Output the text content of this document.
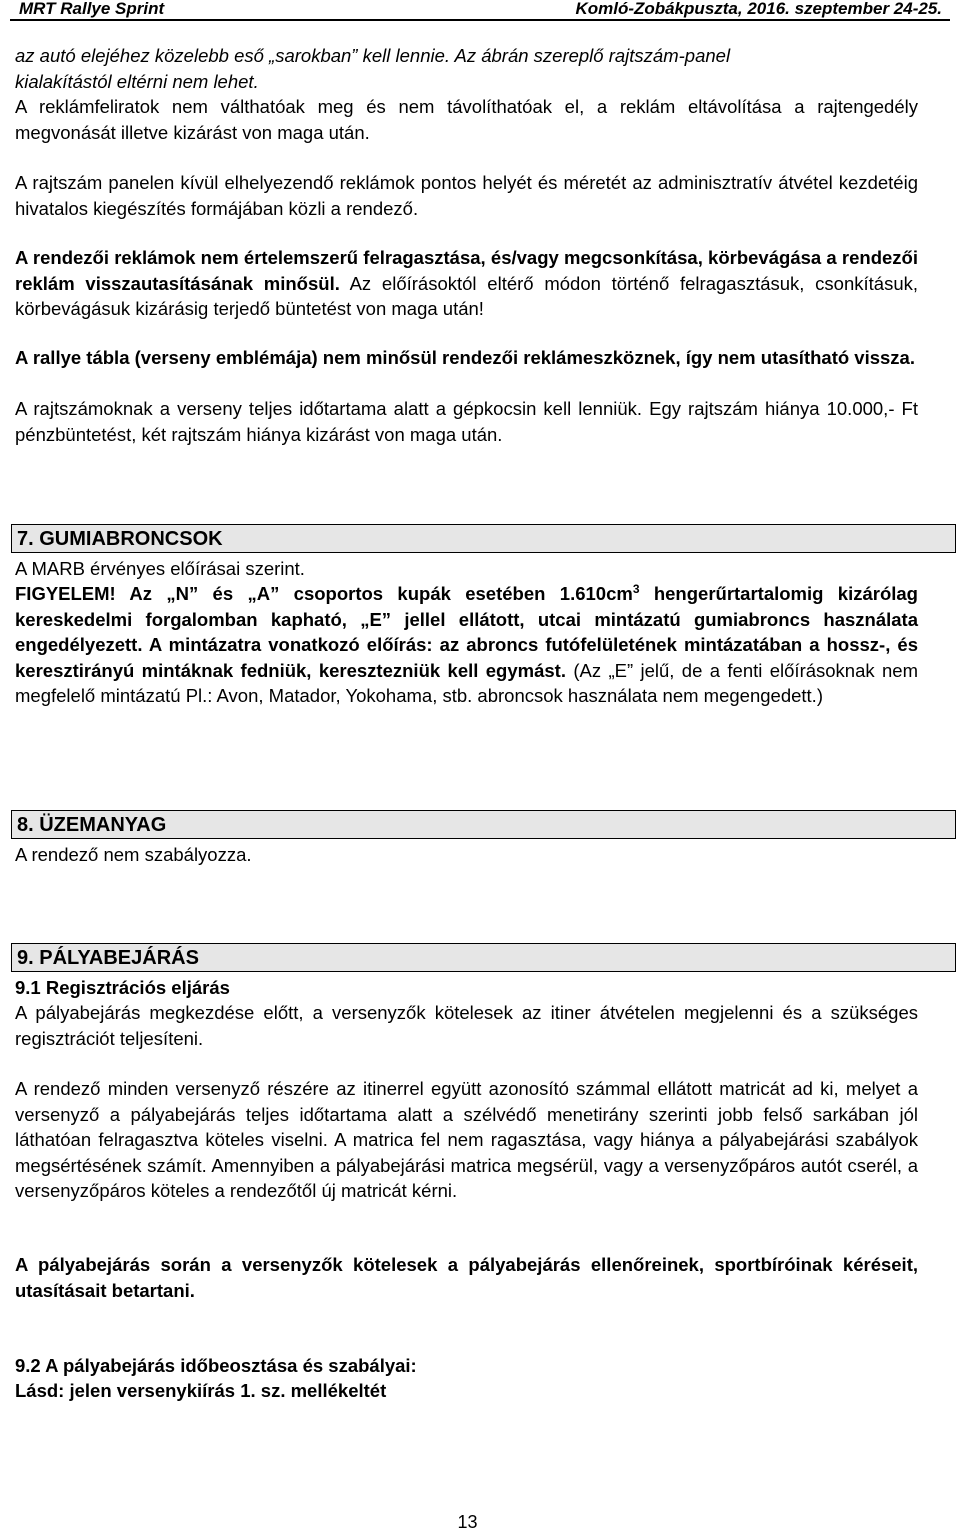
MRT Rallye Sprint	Komló-Zobákpuszta, 2016. szeptember 24-25.

az autó elejéhez közelebb eső „sarokban” kell lennie. Az ábrán szereplő rajtszám-panel
kialakítástól eltérni nem lehet.

A reklámfeliratok nem válthatóak meg és nem távolíthatóak el, a reklám eltávolítása a rajtengedély megvonását illetve kizárást von maga után.

A rajtszám panelen kívül elhelyezendő reklámok pontos helyét és méretét az adminisztratív átvétel kezdetéig hivatalos kiegészítés formájában közli a rendező.

A rendezői reklámok nem értelemszerű felragasztása, és/vagy megcsonkítása, körbevágása a rendezői reklám visszautasításának minősül. Az előírásoktól eltérő módon történő felragasztásuk, csonkításuk, körbevágásuk kizárásig terjedő büntetést von maga után!

A rallye tábla (verseny emblémája) nem minősül rendezői reklámeszköznek, így nem utasítható vissza.

A rajtszámoknak a verseny teljes időtartama alatt a gépkocsin kell lenniük. Egy rajtszám hiánya 10.000,- Ft pénzbüntetést, két rajtszám hiánya kizárást von maga után.

7. GUMIABRONCSOK

A MARB érvényes előírásai szerint.

FIGYELEM! Az „N” és „A” csoportos kupák esetében $1.610cm^3$ hengerűrtartalomig kizárólag kereskedelmi forgalomban kapható, „E” jellel ellátott, utcai mintázatú gumiabroncs használata engedélyezett. A mintázatra vonatkozó előírás: az abroncs futófelületének mintázatában a hossz-, és keresztirányú mintáknak fedniük, keresztezniük kell egymást. (Az „E” jelű, de a fenti előírásoknak nem megfelelő mintázatú Pl.: Avon, Matador, Yokohama, stb. abroncsok használata nem megengedett.)

8. ÜZEMANYAG

A rendező nem szabályozza.

9. PÁLYABEJÁRÁS

9.1 Regisztrációs eljárás

A pályabejárás megkezdése előtt, a versenyzők kötelesek az itiner átvételen megjelenni és a szükséges regisztrációt teljesíteni.

A rendező minden versenyző részére az itinerrel együtt azonosító számmal ellátott matricát ad ki, melyet a versenyző a pályabejárás teljes időtartama alatt a szélvédő menetirány szerinti jobb felső sarkában jól láthatóan felragasztva köteles viselni. A matrica fel nem ragasztása, vagy hiánya a pályabejárási szabályok megsértésének számít. Amennyiben a pályabejárási matrica megsérül, vagy a versenyzőpáros autót cserél, a versenyzőpáros köteles a rendezőtől új matricát kérni.

A pályabejárás során a versenyzők kötelesek a pályabejárás ellenőreinek, sportbíróinak kéréseit, utasításait betartani.

9.2 A pályabejárás időbeosztása és szabályai:

Lásd: jelen versenykiírás 1. sz. mellékeltét

13
